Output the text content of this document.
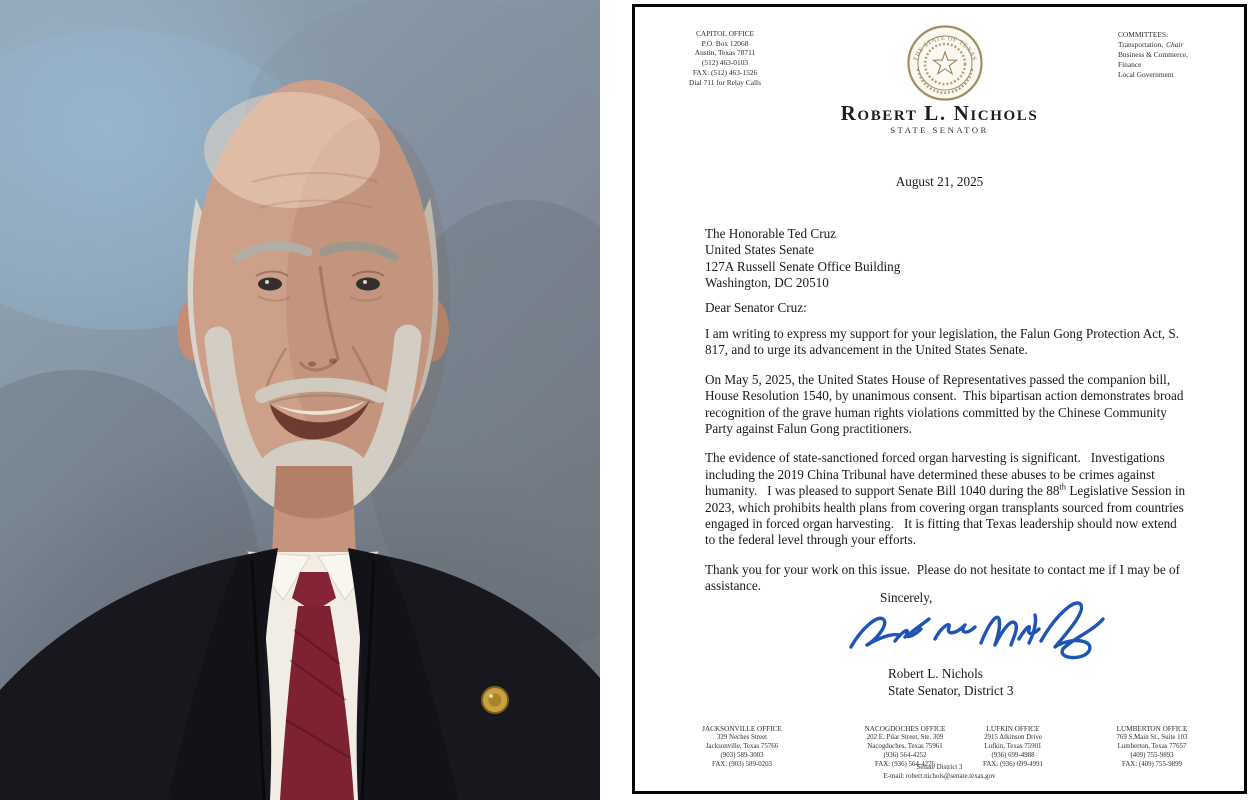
CAPITOL OFFICE
P.O. Box 12068
Austin, Texas 78711
(512) 463-0103
FAX: (512) 463-1526
Dial 711 for Relay Calls
THE STATE OF TEXAS
COMMITTEES:
Transportation, Chair
Business & Commerce,
Finance
Local Government
Robert L. Nichols
STATE SENATOR
August 21, 2025
The Honorable Ted Cruz
United States Senate
127A Russell Senate Office Building
Washington, DC 20510
Dear Senator Cruz:

I am writing to express my support for your legislation, the Falun Gong Protection Act, S. 817, and to urge its advancement in the United States Senate.

On May 5, 2025, the United States House of Representatives passed the companion bill, House Resolution 1540, by unanimous consent.  This bipartisan action demonstrates broad recognition of the grave human rights violations committed by the Chinese Community Party against Falun Gong practitioners.

The evidence of state-sanctioned forced organ harvesting is significant.   Investigations including the 2019 China Tribunal have determined these abuses to be crimes against humanity.   I was pleased to support Senate Bill 1040 during the 88th Legislative Session in 2023, which prohibits health plans from covering organ transplants sourced from countries engaged in forced organ harvesting.   It is fitting that Texas leadership should now extend to the federal level through your efforts.

Thank you for your work on this issue.  Please do not hesitate to contact me if I may be of assistance.

Sincerely,
Robert L. Nichols
State Senator, District 3
JACKSONVILLE OFFICE
329 Neches Street
Jacksonville, Texas 75766
(903) 589-3003
FAX: (903) 589-0203
NACOGDOCHES OFFICE
202 E. Pilar Street, Ste. 309
Nacogdoches, Texas 75961
(936) 564-4252
FAX: (936) 564-4276
LUFKIN OFFICE
2915 Atkinson Drive
Lufkin, Texas 75901
(936) 699-4988
FAX: (936) 699-4991
LUMBERTON OFFICE
769 S.Main St., Suite 103
Lumberton, Texas 77657
(409) 755-9893
FAX: (409) 755-9899
Senate District 3
E-mail: robert.nichols@senate.texas.gov
